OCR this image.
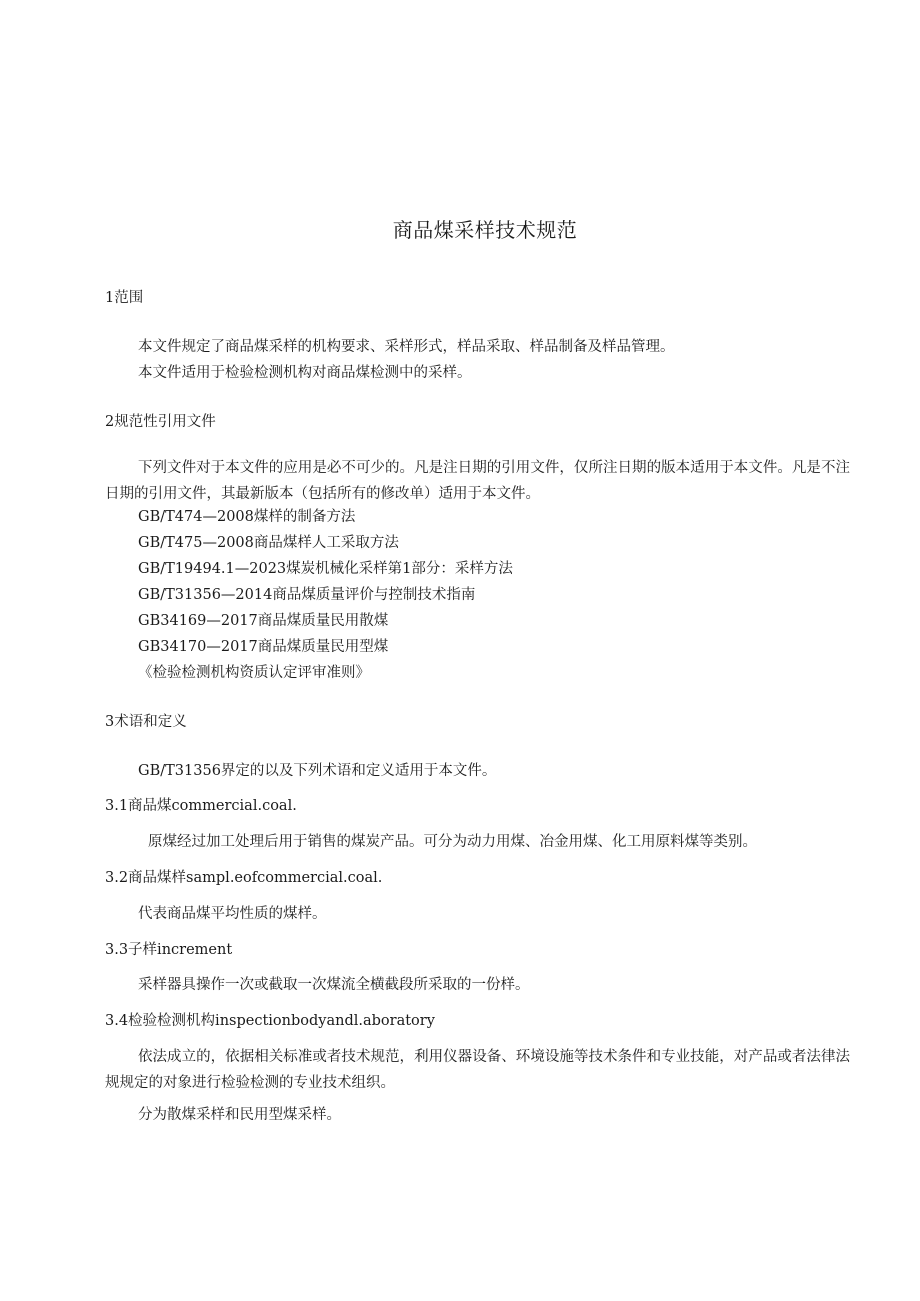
商品煤采样技术规范
1范围
本文件规定了商品煤采样的机构要求、采样形式，样品采取、样品制备及样品管理。
本文件适用于检验检测机构对商品煤检测中的采样。
2规范性引用文件
下列文件对于本文件的应用是必不可少的。凡是注日期的引用文件，仅所注日期的版本适用于本文件。凡是不注日期的引用文件，其最新版本（包括所有的修改单）适用于本文件。
GB/T474—2008煤样的制备方法
GB/T475—2008商品煤样人工采取方法
GB/T19494.1—2023煤炭机械化采样第1部分：采样方法
GB/T31356—2014商品煤质量评价与控制技术指南
GB34169—2017商品煤质量民用散煤
GB34170—2017商品煤质量民用型煤
《检验检测机构资质认定评审准则》
3术语和定义
GB/T31356界定的以及下列术语和定义适用于本文件。
3.1商品煤commercial.coal.
原煤经过加工处理后用于销售的煤炭产品。可分为动力用煤、冶金用煤、化工用原料煤等类别。
3.2商品煤样sampl.eofcommercial.coal.
代表商品煤平均性质的煤样。
3.3子样increment
采样器具操作一次或截取一次煤流全横截段所采取的一份样。
3.4检验检测机构inspectionbodyandl.aboratory
依法成立的，依据相关标准或者技术规范，利用仪器设备、环境设施等技术条件和专业技能，对产品或者法律法规规定的对象进行检验检测的专业技术组织。
分为散煤采样和民用型煤采样。
